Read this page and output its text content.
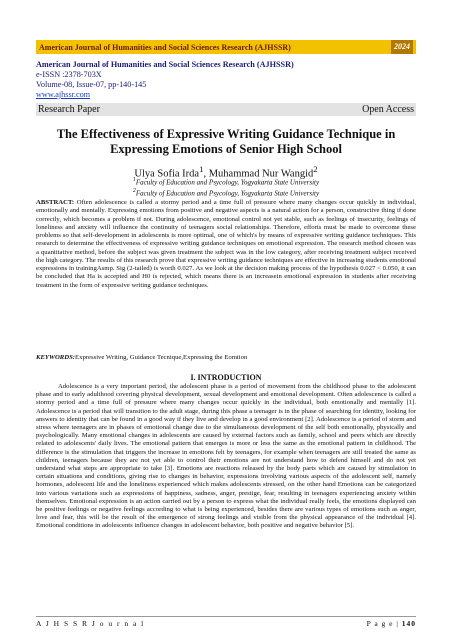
American Journal of Humanities and Social Sciences Research (AJHSSR)	2024
American Journal of Humanities and Social Sciences Research (AJHSSR)
e-ISSN :2378-703X
Volume-08, Issue-07, pp-140-145
www.ajhssr.com
Research Paper	Open Access
The Effectiveness of Expressive Writing Guidance Technique in Expressing Emotions of Senior High School
Ulya Sofia Irda$^1$, Muhammad Nur Wangid$^2$
$^1$Faculty of Education and Psycology, Yogyakarta State University
$^2$Faculty of Education and Psycology, Yogyakarta State University
ABSTRACT: Often adolescence is called a stormy period and a time full of pressure where many changes occur quickly in individual, emotionally and mentally. Expressing emotions from positive and negative aspects is a natural action for a person, constructive thing if done correctly, which becomes a problem if not. During adolescence, emotional control not yet stable, such as feelings of insecurity, feelings of loneliness and anxiety will influence the continuity of teenagers social relationships. Therefore, efforts must be made to overcome these problems so that self-development in adolescents is more optimal, one of which's by means of expressive writing guidance techniques. This research to determine the effectiveness of expressive writing guidance techniques on emotional expression. The research method chosen was a quantitative method, before the subject was given treatment the subject was in the low category, after receiving treatment subject received the high category. The results of this research prove that expressive writing guidance techniques are effective in increasing students emotional expressions in trainingAsmp. Sig (2-tailed) is worth 0.027. As we look at the decision making process of the hypothesis 0.027 < 0.050, it can be concluded that Ha is accepted and H0 is rejected, which means there is an increasein emotional expression in students after receiving treatment in the form of expressive writing guidance techniques.
KEYWORDS:Expressive Writing, Guidance Tecnique,Expressing the Eomtion
I. INTRODUCTION
Adolescence is a very important period, the adolescent phase is a period of movement from the childhood phase to the adolescent phase and to early adulthood covering physical development, sexual development and emotional development. Often adolescence is called a stormy period and a time full of pressure where many changes occur quickly in the individual, both emotionally and mentally [1]. Adolescence is a period that will transition to the adult stage, during this phase a teenager is in the phase of searching for identity, looking for answers to identity that can be found in a good way if they live and develop in a good environment [2]. Adolescence is a period of storm and stress where teenagers are in phases of emotional change due to the simultaneous development of the self both emotionally, physically and psychologically. Many emotional changes in adolescents are caused by external factors such as family, school and peers which are directly related to adolescents' daily lives. The emotional pattern that emerges is more or less the same as the emotional pattern in childhood. The difference is the stimulation that triggers the increase in emotions felt by teenagers, for example when teenagers are still treated the same as children, teenagers because they are not yet able to control their emotions are not understand how to defend himself and do not yet understand what steps are appropriate to take [3]. Emotions are reactions released by the body parts which are caused by stimulation in certain situations and conditions, giving rise to changes in behavior, expressions involving various aspects of the adolescent self, namely hormones, adolescent life and the loneliness experienced which makes adolescents stressed, on the other hand Emotions can be categorized into various variations such as expressions of happiness, sadness, anger, prestige, fear, resulting in teenagers experiencing anxiety within themselves. Emotional expression is an action carried out by a person to express what the individual really feels, the emotions displayed can be positive feelings or negative feelings according to what is being experienced, besides there are various types of emotions such as anger, love and fear, this will be the result of the emergence of strong feelings and visible from the physical appearance of the individual [4]. Emotional conditions in adolescents influence changes in adolescent behavior, both positive and negative behavior [5].
A J H S S R J o u r n a l	P a g e | 140
